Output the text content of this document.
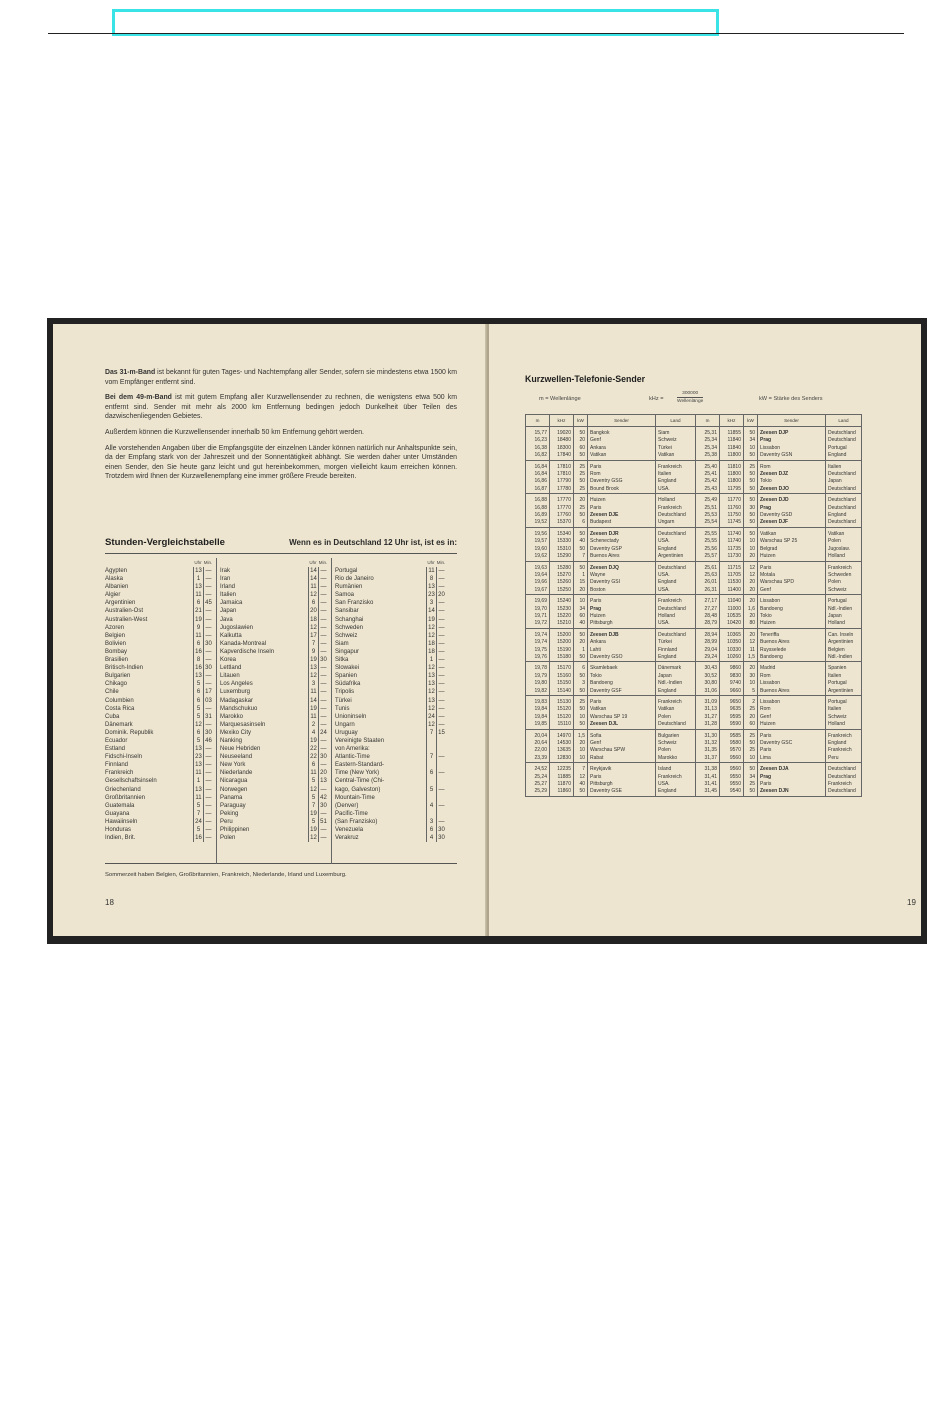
Das 31-m-Band ist bekannt für guten Tages- und Nachtempfang aller Sender, sofern sie mindestens etwa 1500 km vom Empfänger entfernt sind.

Bei dem 49-m-Band ist mit gutem Empfang aller Kurzwellensender zu rechnen, die wenigstens etwa 500 km entfernt sind. Sender mit mehr als 2000 km Entfernung bedingen jedoch Dunkelheit über Teilen des dazwischenliegenden Gebietes.

Außerdem können die Kurzwellensender innerhalb 50 km Entfernung gehört werden.

Alle vorstehenden Angaben über die Empfangsgüte der einzelnen Länder können natürlich nur Anhaltspunkte sein, da der Empfang stark von der Jahreszeit und der Sonnentätigkeit abhängt. Sie werden daher unter Umständen einen Sender, den Sie heute ganz leicht und gut hereinbekommen, morgen vielleicht kaum erreichen können. Trotzdem wird Ihnen der Kurzwellenempfang eine immer größere Freude bereiten.

Stunden-Vergleichstabelle	Wenn es in Deutschland 12 Uhr ist, ist es in:
Uhr Min.
Ägypten	13 —
Alaska	1 —
Albanien	13 —
Algier	11 —
Argentinien	6 45
Australien-Ost	21 —
Australien-West	19 —
Azoren	9 —
Belgien	11 —
Bolivien	6 30
Bombay	16 —
Brasilien	8 —
Britisch-Indien	16 30
Bulgarien	13 —
Chikago	5 —
Chile	6 17
Columbien	6 03
Costa Rica	5 —
Cuba	5 31
Dänemark	12 —
Dominik. Republik	6 30
Ecuador	5 46
Estland	13 —
Fidschi-Inseln	23 —
Finnland	13 —
Frankreich	11 —
Gesellschaftsinseln	1 —
Griechenland	13 —
Großbritannien	11 —
Guatemala	5 —
Guayana	7 —
Hawaiinseln	24 —
Honduras	5 —
Indien, Brit.	16 —
Uhr Min.
Irak	14 —
Iran	14 —
Irland	11 —
Italien	12 —
Jamaica	6 —
Japan	20 —
Java	18 —
Jugoslawien	12 —
Kalkutta	17 —
Kanada-Montreal	7 —
Kapverdische Inseln	9 —
Korea	19 30
Lettland	13 —
Litauen	12 —
Los Angeles	3 —
Luxemburg	11 —
Madagaskar	14 —
Mandschukuo	19 —
Marokko	11 —
Marquesasinseln	2 —
Mexiko City	4 24
Nanking	19 —
Neue Hebriden	22 —
Neuseeland	22 30
New York	6 —
Niederlande	11 20
Nicaragua	5 13
Norwegen	12 —
Panama	5 42
Paraguay	7 30
Peking	19 —
Peru	5 51
Philippinen	19 —
Polen	12 —
Uhr Min.
Portugal	11 —
Rio de Janeiro	8 —
Rumänien	13 —
Samoa	23 20
San Franzisko	3 —
Sansibar	14 —
Schanghai	19 —
Schweden	12 —
Schweiz	12 —
Siam	18 —
Singapur	18 —
Sitka	1 —
Slowakei	12 —
Spanien	13 —
Südafrika	13 —
Tripolis	12 —
Türkei	13 —
Tunis	12 —
Unioninseln	24 —
Ungarn	12 —
Uruguay	7 15
Vereinigte Staaten
von Amerika:
Atlantic-Time	7 —
Eastern-Standard-
Time (New York)	6 —
Central-Time (Chi-
kago, Galveston)	5 —
Mountain-Time
(Denver)	4 —
Pacific-Time
(San Franzisko)	3 —
Venezuela	6 30
Verakruz	4 30
Sommerzeit haben Belgien, Großbritannien, Frankreich, Niederlande, Irland und Luxemburg.
18
Kurzwellen-Telefonie-Sender
m = Wellenlänge	kHz =
300000
Wellenlänge	kW = Stärke des Senders
m	kHz	kW	Sender	Land	m	kHz	kW	Sender	Land
15,77	19020	50	Bangkok	Siam	25,31	11855	50	Zeesen DJP	Deutschland
16,23	18480	20	Genf	Schweiz	25,34	11840	34	Prag	Deutschland
16,38	18300	60	Ankara	Türkei	25,34	11840	10	Lissabon	Portugal
16,82	17840	50	Vatikan	Vatikan	25,38	11800	50	Daventry GSN	England
16,84	17810	25	Paris	Frankreich	25,40	11810	25	Rom	Italien
16,84	17810	25	Rom	Italien	25,41	11800	50	Zeesen DJZ	Deutschland
16,86	17790	50	Daventry GSG	England	25,42	11800	50	Tokio	Japan
16,87	17780	25	Bound Brook	USA.	25,43	11795	50	Zeesen DJO	Deutschland
16,88	17770	20	Huizen	Holland	25,49	11770	50	Zeesen DJD	Deutschland
16,88	17770	25	Paris	Frankreich	25,51	11760	30	Prag	Deutschland
16,89	17760	50	Zeesen DJE	Deutschland	25,53	11750	50	Daventry GSD	England
19,52	15370	6	Budapest	Ungarn	25,54	11745	50	Zeesen DJF	Deutschland
19,56	15340	50	Zeesen DJR	Deutschland	25,55	11740	50	Vatikan	Vatikan
19,57	15330	40	Schenectady	USA.	25,55	11740	10	Warschau SP 25	Polen
19,60	15310	50	Daventry GSP	England	25,56	11735	10	Belgrad	Jugoslaw.
19,62	15290	7	Buenos Aires	Argentinien	25,57	11730	20	Huizen	Holland
19,63	15280	50	Zeesen DJQ	Deutschland	25,61	11715	12	Paris	Frankreich
19,64	15270	1	Wayne	USA.	25,63	11705	12	Motala	Schweden
19,66	15260	15	Daventry GSI	England	26,01	11530	20	Warschau SPD	Polen
19,67	15250	20	Boston	USA.	26,31	11400	20	Genf	Schweiz
19,69	15240	10	Paris	Frankreich	27,17	11040	20	Lissabon	Portugal
19,70	15230	34	Prag	Deutschland	27,27	11000	1,6	Bandoeng	Ndl.-Indien
19,71	15220	60	Huizen	Holland	28,48	10535	20	Tokio	Japan
19,72	15210	40	Pittsburgh	USA.	28,79	10420	80	Huizen	Holland
19,74	15200	50	Zeesen DJB	Deutschland	28,94	10365	20	Teneriffa	Can. Inseln
19,74	15200	20	Ankara	Türkei	28,99	10350	12	Buenos Aires	Argentinien
19,75	15190	1	Lahti	Finnland	29,04	10330	11	Ruysselede	Belgien
19,76	15180	50	Daventry GSO	England	29,24	10260	1,5	Bandoeng	Ndl.-Indien
19,78	15170	6	Skamlebaek	Dänemark	30,43	9860	20	Madrid	Spanien
19,79	15160	50	Tokio	Japan	30,52	9830	30	Rom	Italien
19,80	15150	3	Bandoeng	Ndl.-Indien	30,80	9740	10	Lissabon	Portugal
19,82	15140	50	Daventry GSF	England	31,06	9660	5	Buenos Aires	Argentinien
19,83	15130	25	Paris	Frankreich	31,09	9650	2	Lissabon	Portugal
19,84	15120	50	Vatikan	Vatikan	31,13	9635	25	Rom	Italien
19,84	15120	10	Warschau SP 19	Polen	31,27	9595	20	Genf	Schweiz
19,85	15110	50	Zeesen DJL	Deutschland	31,28	9590	60	Huizen	Holland
20,04	14970	1,5	Sofia	Bulgarien	31,30	9585	25	Paris	Frankreich
20,64	14530	20	Genf	Schweiz	31,32	9580	50	Daventry GSC	England
22,00	13635	10	Warschau SPW	Polen	31,35	9570	25	Paris	Frankreich
23,39	12830	10	Rabat	Marokko	31,37	9560	10	Lima	Peru
24,52	12235	7	Reykjavik	Island	31,38	9560	50	Zeesen DJA	Deutschland
25,24	11885	12	Paris	Frankreich	31,41	9550	34	Prag	Deutschland
25,27	11870	40	Pittsburgh	USA.	31,41	9550	25	Paris	Frankreich
25,29	11860	50	Daventry GSE	England	31,45	9540	50	Zeesen DJN	Deutschland
19
